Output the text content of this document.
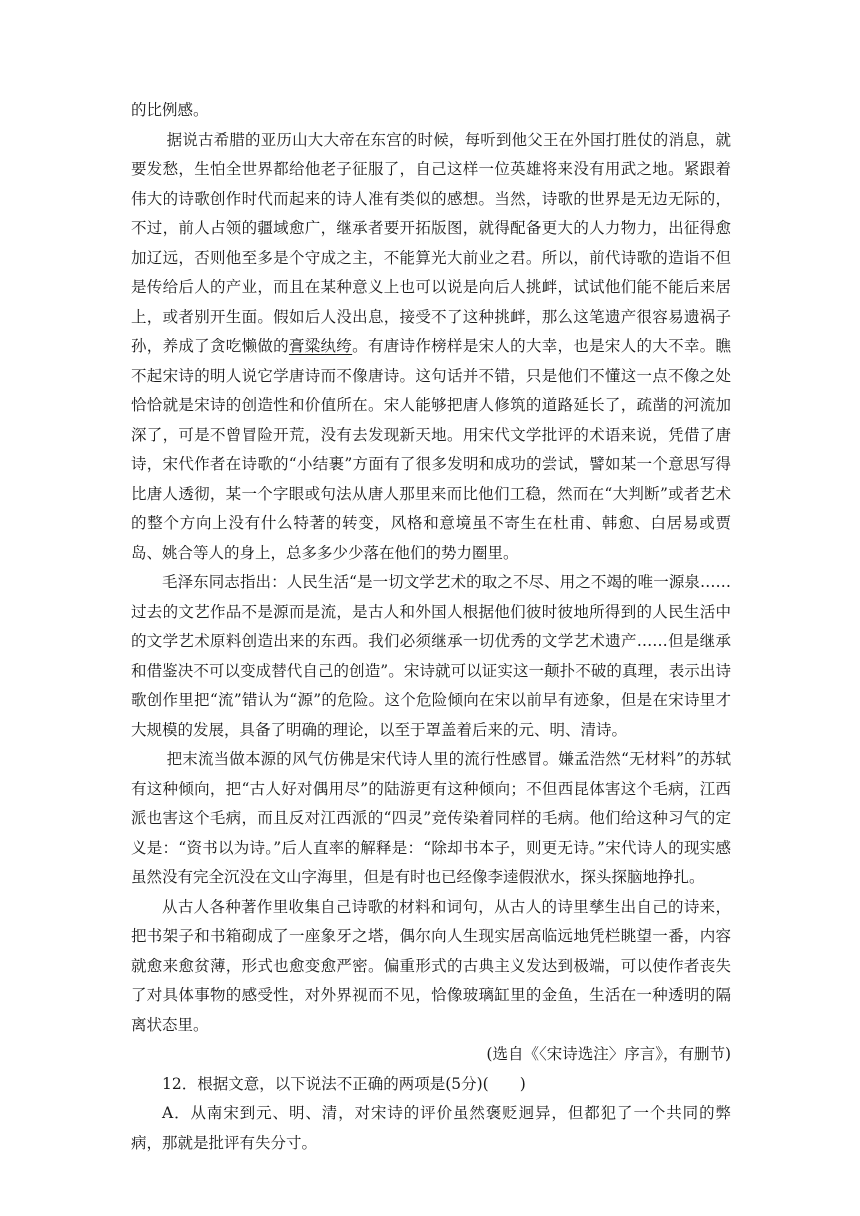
的比例感。

据说古希腊的亚历山大大帝在东宫的时候，每听到他父王在外国打胜仗的消息，就要发愁，生怕全世界都给他老子征服了，自己这样一位英雄将来没有用武之地。紧跟着伟大的诗歌创作时代而起来的诗人准有类似的感想。当然，诗歌的世界是无边无际的，不过，前人占领的疆域愈广，继承者要开拓版图，就得配备更大的人力物力，出征得愈加辽远，否则他至多是个守成之主，不能算光大前业之君。所以，前代诗歌的造诣不但是传给后人的产业，而且在某种意义上也可以说是向后人挑衅，试试他们能不能后来居上，或者别开生面。假如后人没出息，接受不了这种挑衅，那么这笔遗产很容易遗祸子孙，养成了贪吃懒做的膏粱纨绔。有唐诗作榜样是宋人的大幸，也是宋人的大不幸。瞧不起宋诗的明人说它学唐诗而不像唐诗。这句话并不错，只是他们不懂这一点不像之处恰恰就是宋诗的创造性和价值所在。宋人能够把唐人修筑的道路延长了，疏凿的河流加深了，可是不曾冒险开荒，没有去发现新天地。用宋代文学批评的术语来说，凭借了唐诗，宋代作者在诗歌的“小结裹”方面有了很多发明和成功的尝试，譬如某一个意思写得比唐人透彻，某一个字眼或句法从唐人那里来而比他们工稳，然而在“大判断”或者艺术的整个方向上没有什么特著的转变，风格和意境虽不寄生在杜甫、韩愈、白居易或贾岛、姚合等人的身上，总多多少少落在他们的势力圈里。

毛泽东同志指出：人民生活“是一切文学艺术的取之不尽、用之不竭的唯一源泉……过去的文艺作品不是源而是流，是古人和外国人根据他们彼时彼地所得到的人民生活中的文学艺术原料创造出来的东西。我们必须继承一切优秀的文学艺术遗产……但是继承和借鉴决不可以变成替代自己的创造”。宋诗就可以证实这一颠扑不破的真理，表示出诗歌创作里把“流”错认为“源”的危险。这个危险倾向在宋以前早有迹象，但是在宋诗里才大规模的发展，具备了明确的理论，以至于罩盖着后来的元、明、清诗。

把末流当做本源的风气仿佛是宋代诗人里的流行性感冒。嫌孟浩然“无材料”的苏轼有这种倾向，把“古人好对偶用尽”的陆游更有这种倾向；不但西昆体害这个毛病，江西派也害这个毛病，而且反对江西派的“四灵”竞传染着同样的毛病。他们给这种习气的定义是：“资书以为诗。”后人直率的解释是：“除却书本子，则更无诗。”宋代诗人的现实感虽然没有完全沉没在文山字海里，但是有时也已经像李逵假洑水，探头探脑地挣扎。

从古人各种著作里收集自己诗歌的材料和词句，从古人的诗里孳生出自己的诗来，把书架子和书箱砌成了一座象牙之塔，偶尔向人生现实居高临远地凭栏眺望一番，内容就愈来愈贫薄，形式也愈变愈严密。偏重形式的古典主义发达到极端，可以使作者丧失了对具体事物的感受性，对外界视而不见，恰像玻璃缸里的金鱼，生活在一种透明的隔离状态里。

(选自《〈宋诗选注〉序言》，有删节)

12．根据文意，以下说法不正确的两项是(5分)(　　)

A．从南宋到元、明、清，对宋诗的评价虽然褒贬迥异，但都犯了一个共同的弊病，那就是批评有失分寸。
